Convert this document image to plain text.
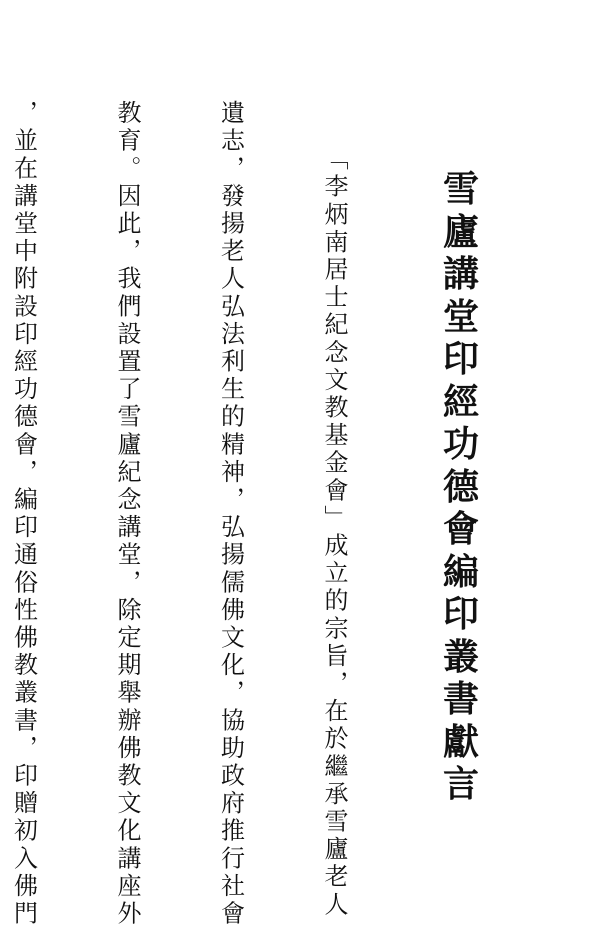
雪廬講堂印經功德會編印叢書獻言

「李炳南居士紀念文教基金會」成立的宗旨，在於繼承雪廬老人

遺志，發揚老人弘法利生的精神，弘揚儒佛文化，協助政府推行社會

教育。因此，我們設置了雪廬紀念講堂，除定期舉辦佛教文化講座外

，並在講堂中附設印經功德會，編印通俗性佛教叢書，印贈初入佛門
